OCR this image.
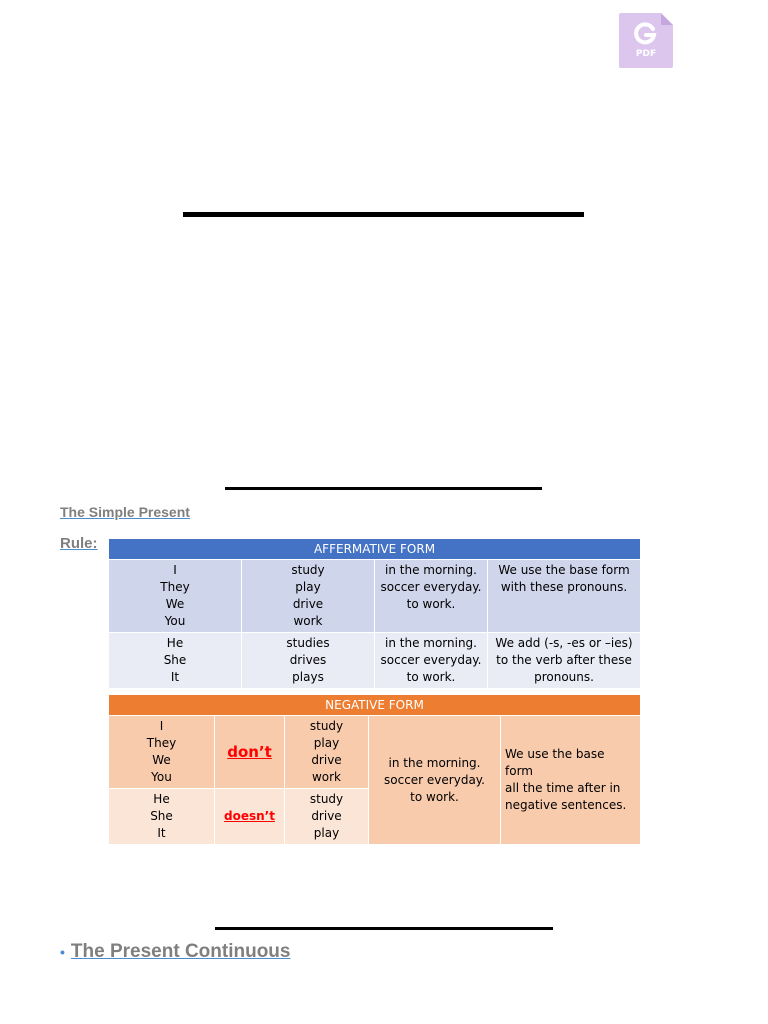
PDF
The Simple Present
Rule:	AFFERMATIVE FORM			

I
They
We
You	study
play
drive
work	in the morning.
soccer everyday.
to work.	We use the base form
with these pronouns.

He
She
It	studies
drives
plays	in the morning.
soccer everyday.
to work.	We add (-s, -es or –ies)
to the verb after these
pronouns.
NEGATIVE FORM				

I
They
We
You	don’t	study
play
drive
work	in the morning.
soccer everyday.
to work.	We use the base form
all the time after in
negative sentences.

He
She
It	doesn’t	study
drive
play		
• The Present Continuous
